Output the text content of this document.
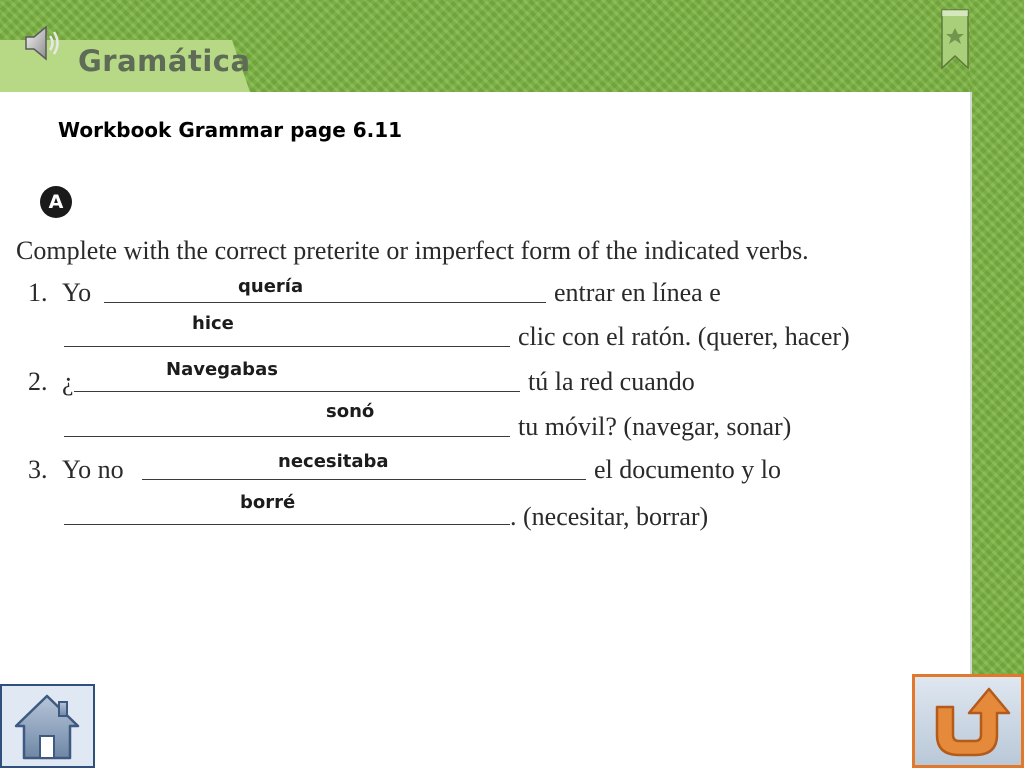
Gramática
Workbook Grammar page 6.11
A
Complete with the correct preterite or imperfect form of the indicated verbs.
1. Yo	quería	entrar en línea e
hice	clic con el ratón. (querer, hacer)
2. ¿	Navegabas	tú la red cuando
sonó
tu móvil? (navegar, sonar)
3. Yo no	necesitaba	el documento y lo
borré	. (necesitar, borrar)
